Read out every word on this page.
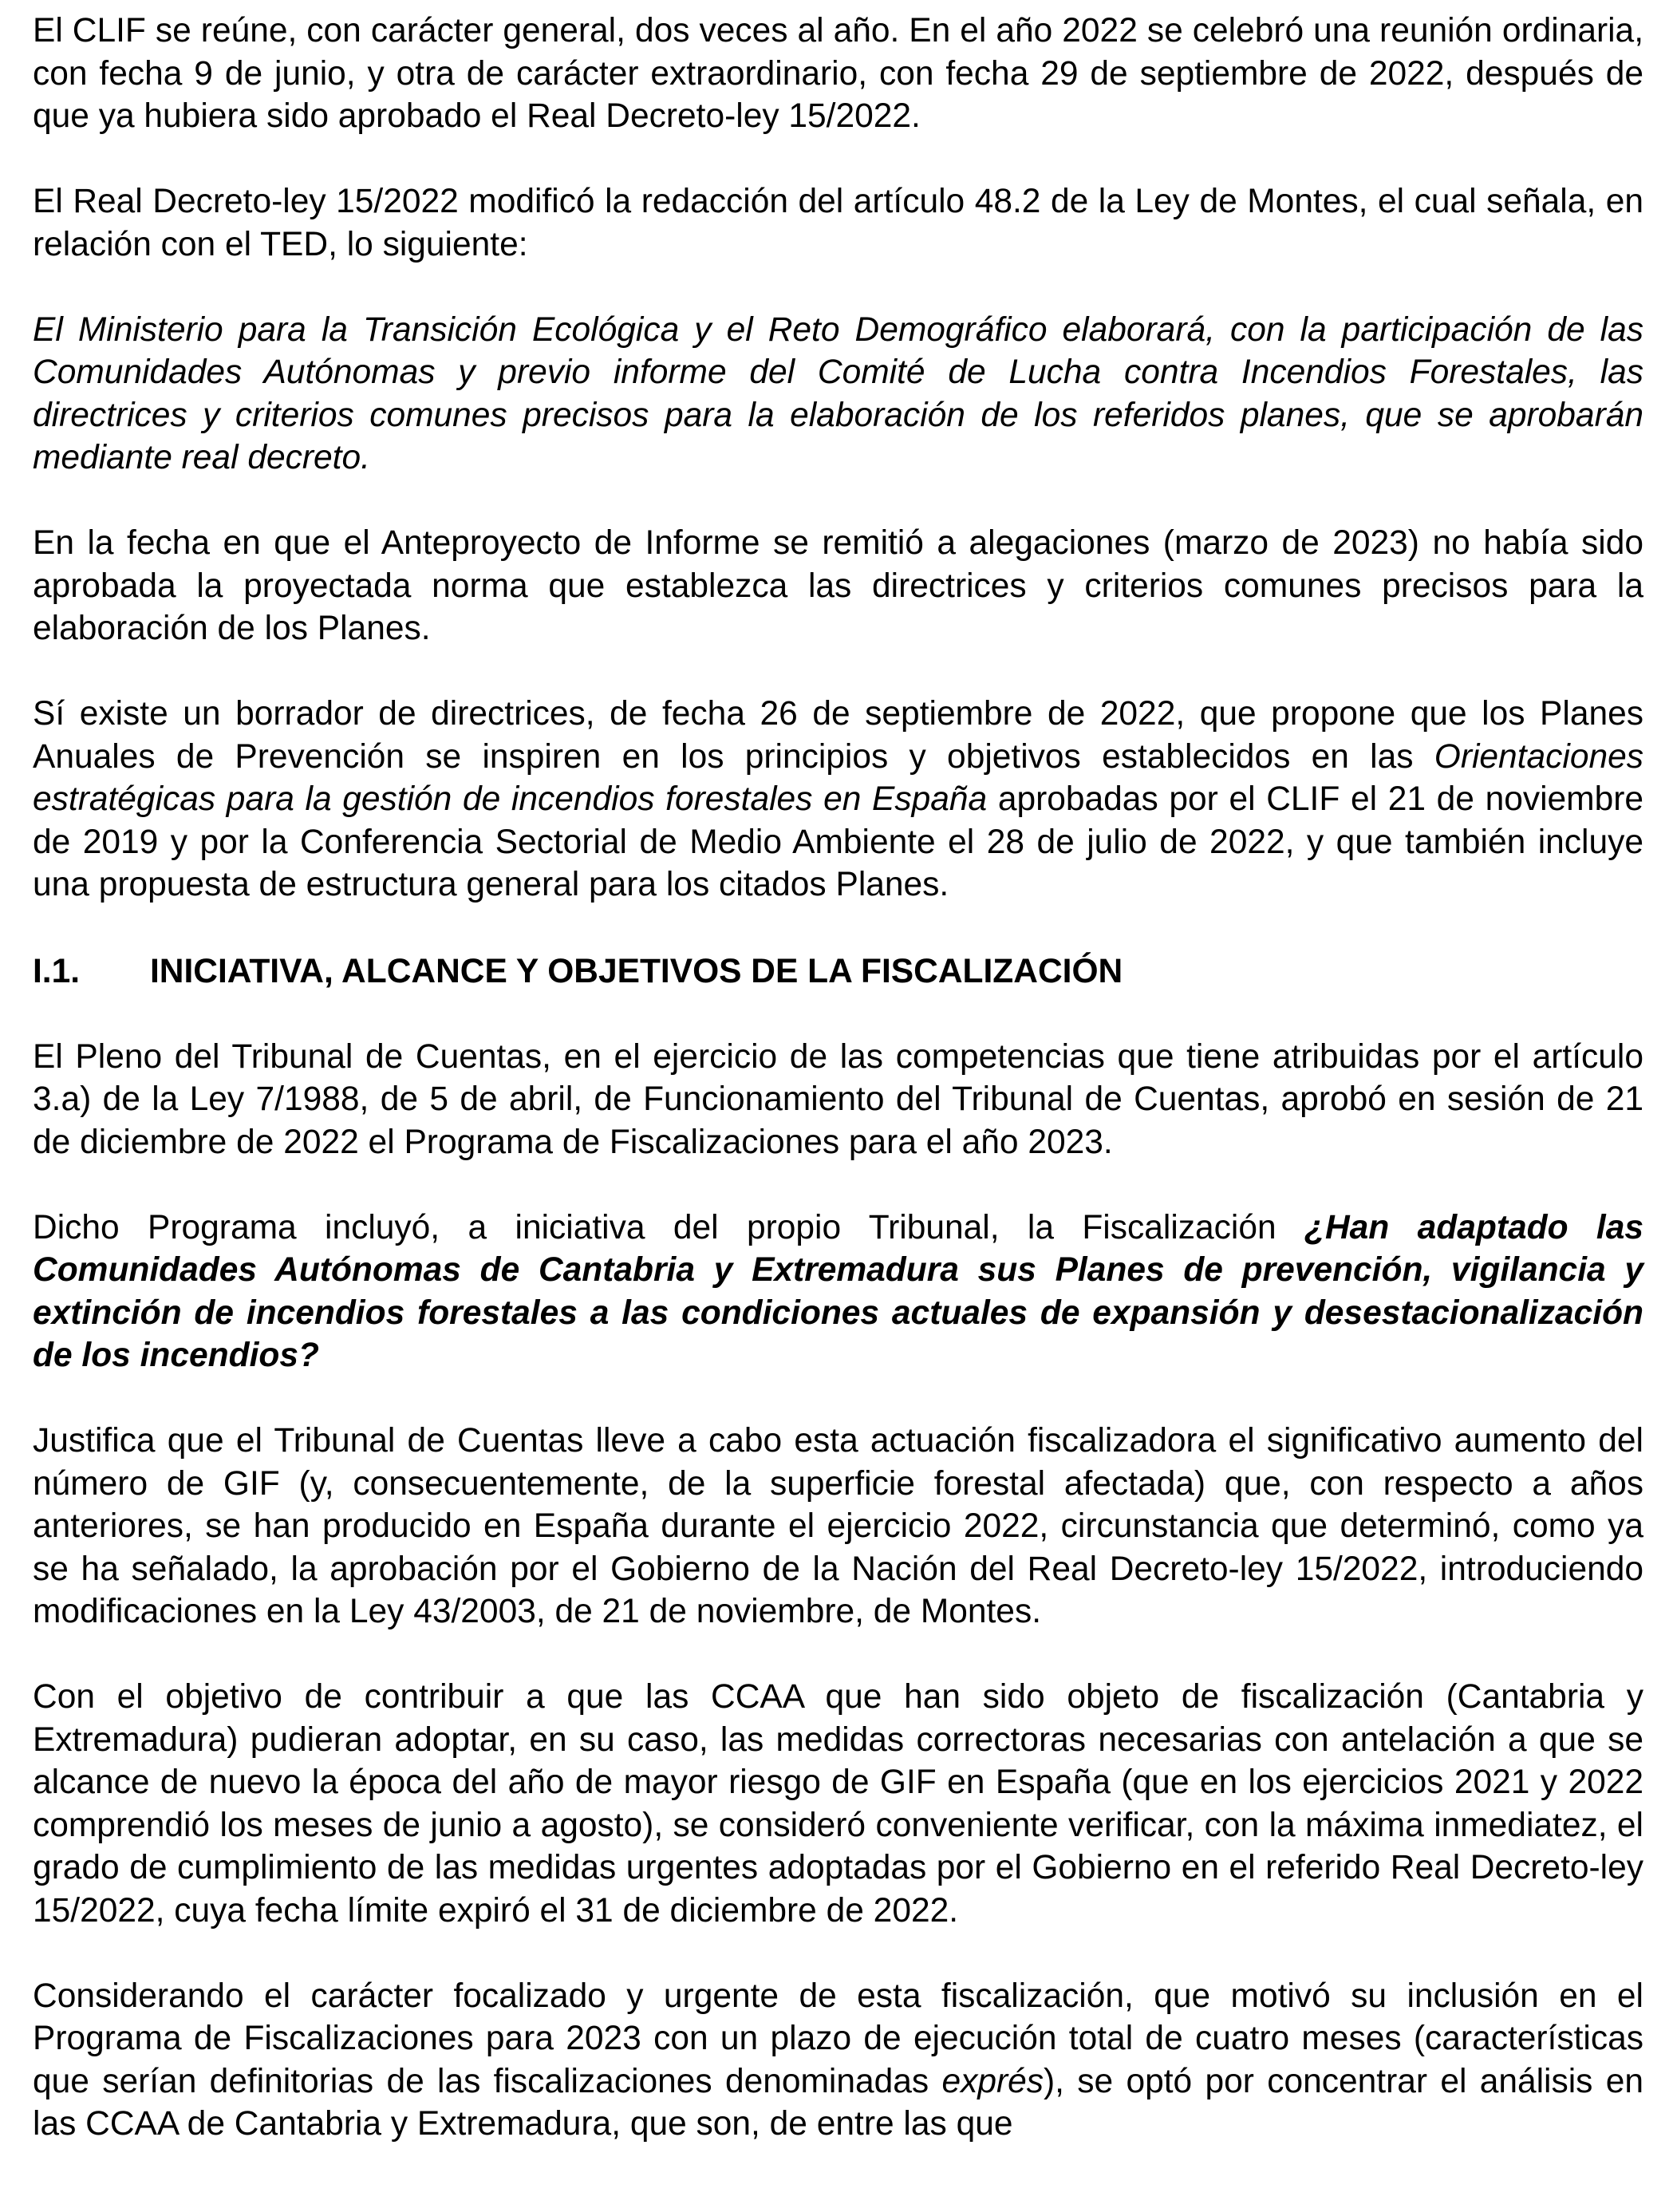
El CLIF se reúne, con carácter general, dos veces al año. En el año 2022 se celebró una reunión ordinaria, con fecha 9 de junio, y otra de carácter extraordinario, con fecha 29 de septiembre de 2022, después de que ya hubiera sido aprobado el Real Decreto-ley 15/2022.

El Real Decreto-ley 15/2022 modificó la redacción del artículo 48.2 de la Ley de Montes, el cual señala, en relación con el TED, lo siguiente:

El Ministerio para la Transición Ecológica y el Reto Demográfico elaborará, con la participación de las Comunidades Autónomas y previo informe del Comité de Lucha contra Incendios Forestales, las directrices y criterios comunes precisos para la elaboración de los referidos planes, que se aprobarán mediante real decreto.

En la fecha en que el Anteproyecto de Informe se remitió a alegaciones (marzo de 2023) no había sido aprobada la proyectada norma que establezca las directrices y criterios comunes precisos para la elaboración de los Planes.

Sí existe un borrador de directrices, de fecha 26 de septiembre de 2022, que propone que los Planes Anuales de Prevención se inspiren en los principios y objetivos establecidos en las Orientaciones estratégicas para la gestión de incendios forestales en España aprobadas por el CLIF el 21 de noviembre de 2019 y por la Conferencia Sectorial de Medio Ambiente el 28 de julio de 2022, y que también incluye una propuesta de estructura general para los citados Planes.

I.1. INICIATIVA, ALCANCE Y OBJETIVOS DE LA FISCALIZACIÓN

El Pleno del Tribunal de Cuentas, en el ejercicio de las competencias que tiene atribuidas por el artículo 3.a) de la Ley 7/1988, de 5 de abril, de Funcionamiento del Tribunal de Cuentas, aprobó en sesión de 21 de diciembre de 2022 el Programa de Fiscalizaciones para el año 2023.

Dicho Programa incluyó, a iniciativa del propio Tribunal, la Fiscalización ¿Han adaptado las Comunidades Autónomas de Cantabria y Extremadura sus Planes de prevención, vigilancia y extinción de incendios forestales a las condiciones actuales de expansión y desestacionalización de los incendios?

Justifica que el Tribunal de Cuentas lleve a cabo esta actuación fiscalizadora el significativo aumento del número de GIF (y, consecuentemente, de la superficie forestal afectada) que, con respecto a años anteriores, se han producido en España durante el ejercicio 2022, circunstancia que determinó, como ya se ha señalado, la aprobación por el Gobierno de la Nación del Real Decreto-ley 15/2022, introduciendo modificaciones en la Ley 43/2003, de 21 de noviembre, de Montes.

Con el objetivo de contribuir a que las CCAA que han sido objeto de fiscalización (Cantabria y Extremadura) pudieran adoptar, en su caso, las medidas correctoras necesarias con antelación a que se alcance de nuevo la época del año de mayor riesgo de GIF en España (que en los ejercicios 2021 y 2022 comprendió los meses de junio a agosto), se consideró conveniente verificar, con la máxima inmediatez, el grado de cumplimiento de las medidas urgentes adoptadas por el Gobierno en el referido Real Decreto-ley 15/2022, cuya fecha límite expiró el 31 de diciembre de 2022.

Considerando el carácter focalizado y urgente de esta fiscalización, que motivó su inclusión en el Programa de Fiscalizaciones para 2023 con un plazo de ejecución total de cuatro meses (características que serían definitorias de las fiscalizaciones denominadas exprés), se optó por concentrar el análisis en las CCAA de Cantabria y Extremadura, que son, de entre las que
